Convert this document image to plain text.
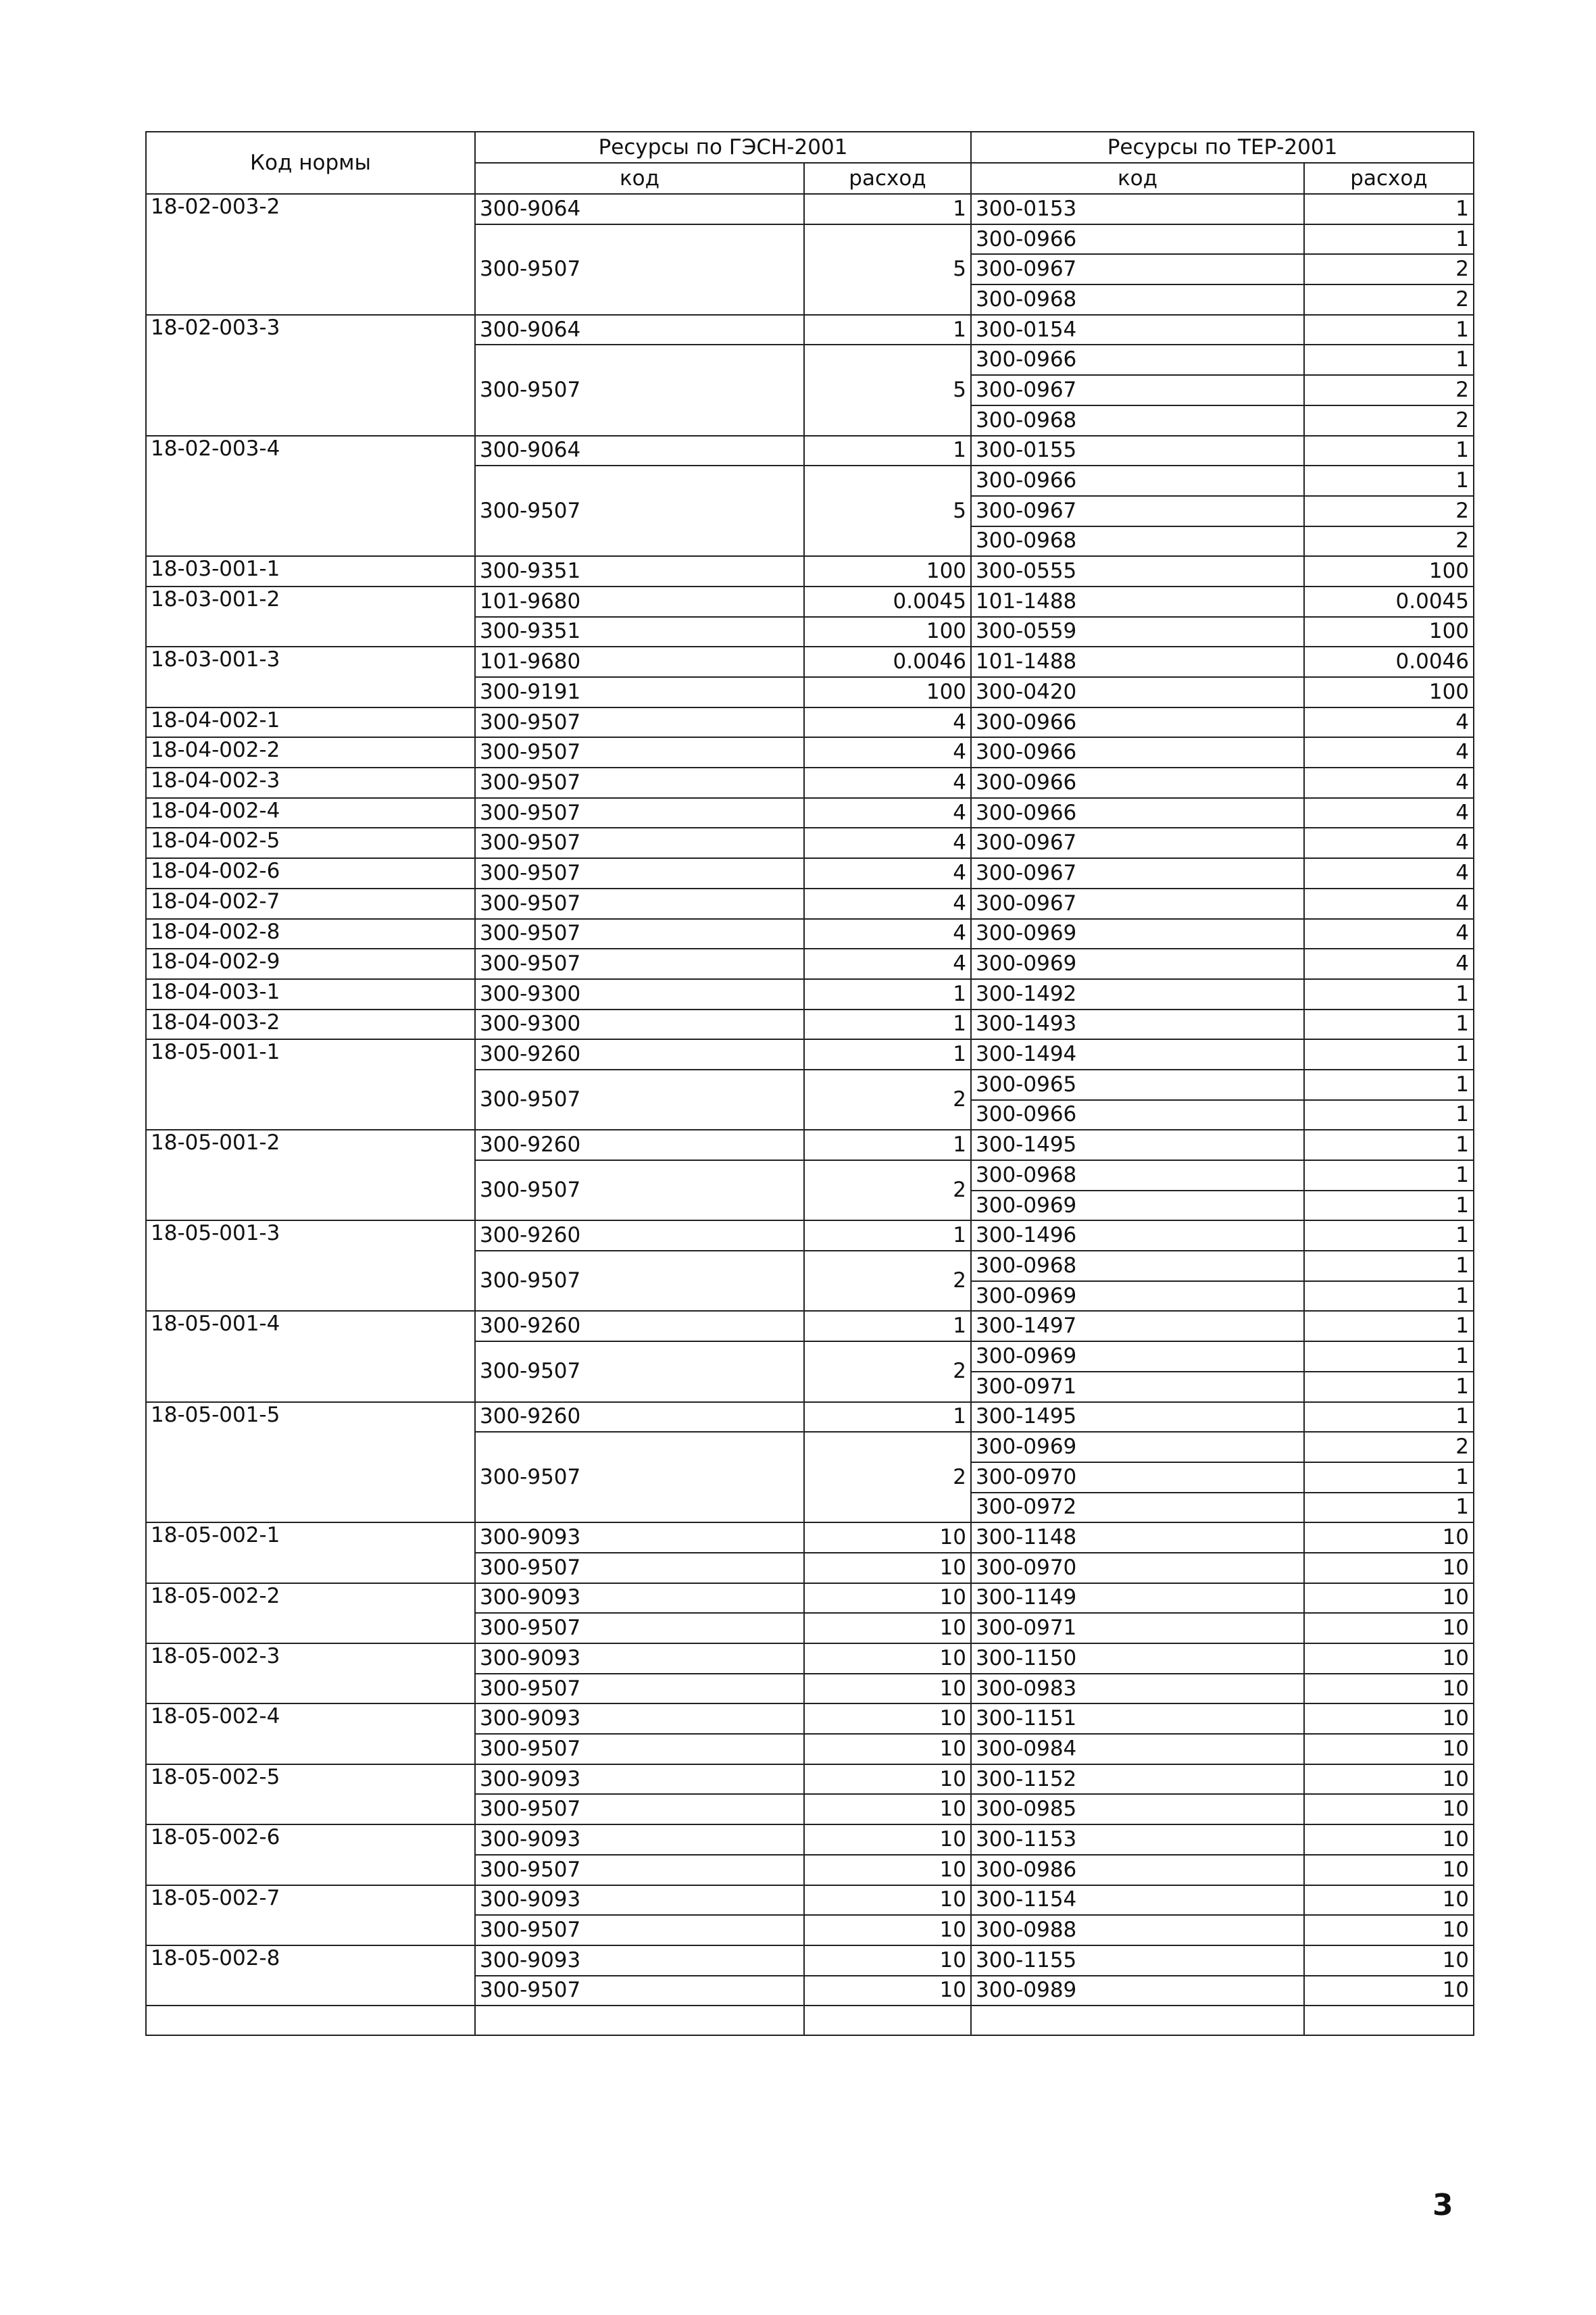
Код нормы	Ресурсы по ГЭСН-2001		Ресурсы по ТЕР-2001	
	код	расход	код	расход
18-02-003-2	300-9064	1	300-0153	1
	300-9507	5	300-0966	1
			300-0967	2
			300-0968	2
18-02-003-3	300-9064	1	300-0154	1
	300-9507	5	300-0966	1
			300-0967	2
			300-0968	2
18-02-003-4	300-9064	1	300-0155	1
	300-9507	5	300-0966	1
			300-0967	2
			300-0968	2
18-03-001-1	300-9351	100	300-0555	100
18-03-001-2	101-9680	0.0045	101-1488	0.0045
	300-9351	100	300-0559	100
18-03-001-3	101-9680	0.0046	101-1488	0.0046
	300-9191	100	300-0420	100
18-04-002-1	300-9507	4	300-0966	4
18-04-002-2	300-9507	4	300-0966	4
18-04-002-3	300-9507	4	300-0966	4
18-04-002-4	300-9507	4	300-0966	4
18-04-002-5	300-9507	4	300-0967	4
18-04-002-6	300-9507	4	300-0967	4
18-04-002-7	300-9507	4	300-0967	4
18-04-002-8	300-9507	4	300-0969	4
18-04-002-9	300-9507	4	300-0969	4
18-04-003-1	300-9300	1	300-1492	1
18-04-003-2	300-9300	1	300-1493	1
18-05-001-1	300-9260	1	300-1494	1
	300-9507	2	300-0965	1
			300-0966	1
18-05-001-2	300-9260	1	300-1495	1
	300-9507	2	300-0968	1
			300-0969	1
18-05-001-3	300-9260	1	300-1496	1
	300-9507	2	300-0968	1
			300-0969	1
18-05-001-4	300-9260	1	300-1497	1
	300-9507	2	300-0969	1
			300-0971	1
18-05-001-5	300-9260	1	300-1495	1
	300-9507	2	300-0969	2
			300-0970	1
			300-0972	1
18-05-002-1	300-9093	10	300-1148	10
	300-9507	10	300-0970	10
18-05-002-2	300-9093	10	300-1149	10
	300-9507	10	300-0971	10
18-05-002-3	300-9093	10	300-1150	10
	300-9507	10	300-0983	10
18-05-002-4	300-9093	10	300-1151	10
	300-9507	10	300-0984	10
18-05-002-5	300-9093	10	300-1152	10
	300-9507	10	300-0985	10
18-05-002-6	300-9093	10	300-1153	10
	300-9507	10	300-0986	10
18-05-002-7	300-9093	10	300-1154	10
	300-9507	10	300-0988	10
18-05-002-8	300-9093	10	300-1155	10
	300-9507	10	300-0989	10

3
